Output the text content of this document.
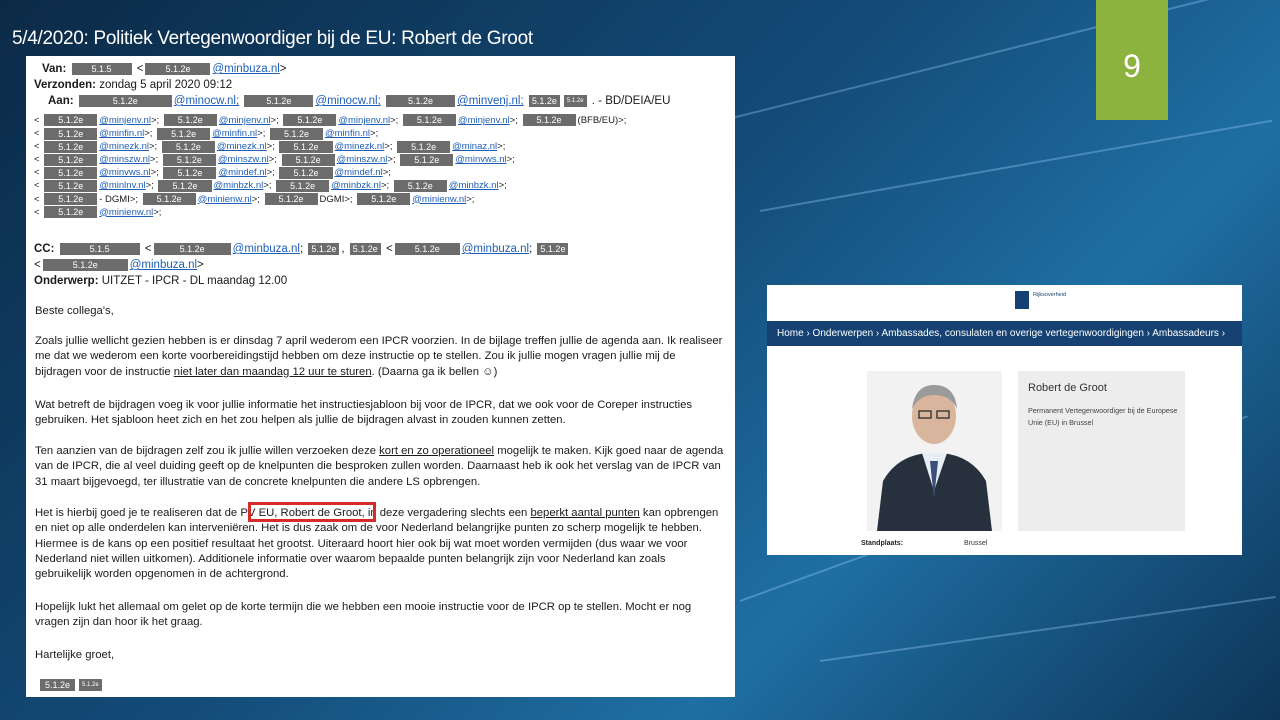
5/4/2020: Politiek Vertegenwoordiger bij de EU: Robert de Groot
9
Van:	5.1.5 < 5.1.2e @minbuza.nl>
Verzonden: zondag 5 april 2020 09:12
Aan:	5.1.2e	@minocw.nl;	5.1.2e @minocw.nl;	5.1.2e @minvenj.nl; 5.1.2e 5.1.2e . - BD/DEIA/EU
< 5.1.2e @minjenv.nl>; 5.1.2e @minjenv.nl>; 5.1.2e @minjenv.nl>; 5.1.2e @minjenv.nl>; 5.1.2e (BFB/EU)>;
< 5.1.2e @minfin.nl>; 5.1.2e @minfin.nl>; 5.1.2e @minfin.nl>;
< 5.1.2e @minezk.nl>; 5.1.2e @minezk.nl>; 5.1.2e @minezk.nl>; 5.1.2e @minaz.nl>;
< 5.1.2e @minszw.nl>; 5.1.2e @minszw.nl>; 5.1.2e @minszw.nl>; 5.1.2e @minvws.nl>;
< 5.1.2e @minvws.nl>; 5.1.2e @mindef.nl>; 5.1.2e @mindef.nl>;
< 5.1.2e @minlnv.nl>; 5.1.2e @minbzk.nl>; 5.1.2e @minbzk.nl>; 5.1.2e @minbzk.nl>;
< 5.1.2e - DGMI>; 5.1.2e @minienw.nl>; 5.1.2e DGMI>; 5.1.2e @minienw.nl>;
< 5.1.2e @minienw.nl>;
CC:	5.1.5	<	5.1.2e @minbuza.nl; 5.1.2e , 5.1.2e < 5.1.2e @minbuza.nl; 5.1.2e
<	5.1.2e	@minbuza.nl>
Onderwerp: UITZET - IPCR - DL maandag 12.00
Beste collega's,
Zoals jullie wellicht gezien hebben is er dinsdag 7 april wederom een IPCR voorzien. In de bijlage treffen jullie de agenda aan. Ik realiseer me dat we wederom een korte voorbereidingstijd hebben om deze instructie op te stellen. Zou ik jullie mogen vragen jullie mij de bijdragen voor de instructie niet later dan maandag 12 uur te sturen. (Daarna ga ik bellen ☺)
Wat betreft de bijdragen voeg ik voor jullie informatie het instructiesjabloon bij voor de IPCR, dat we ook voor de Coreper instructies gebruiken. Het sjabloon heet zich en het zou helpen als jullie de bijdragen alvast in zouden kunnen zetten.
Ten aanzien van de bijdragen zelf zou ik jullie willen verzoeken deze kort en zo operationeel mogelijk te maken. Kijk goed naar de agenda van de IPCR, die al veel duiding geeft op de knelpunten die besproken zullen worden. Daarnaast heb ik ook het verslag van de IPCR van 31 maart bijgevoegd, ter illustratie van de concrete knelpunten die andere LS opbrengen.
Het is hierbij goed je te realiseren dat de PV EU, Robert de Groot, in deze vergadering slechts een beperkt aantal punten kan opbrengen en niet op alle onderdelen kan interveniëren. Het is dus zaak om de voor Nederland belangrijke punten zo scherp mogelijk te hebben. Hiermee is de kans op een positief resultaat het grootst. Uiteraard hoort hier ook bij wat moet worden vermijden (dus waar we voor Nederland niet willen uitkomen). Additionele informatie over waarom bepaalde punten belangrijk zijn voor Nederland kan zoals gebruikelijk worden opgenomen in de achtergrond.
Hopelijk lukt het allemaal om gelet op de korte termijn die we hebben een mooie instructie voor de IPCR op te stellen. Mocht er nog vragen zijn dan hoor ik het graag.
Hartelijke groet,
5.1.2e 5.1.2e
Rijksoverheid
Home › Onderwerpen › Ambassades, consulaten en overige vertegenwoordigingen › Ambassadeurs ›
Robert de Groot
Permanent Vertegenwoordiger bij de Europese Unie (EU) in Brussel
Standplaats:	Brussel
